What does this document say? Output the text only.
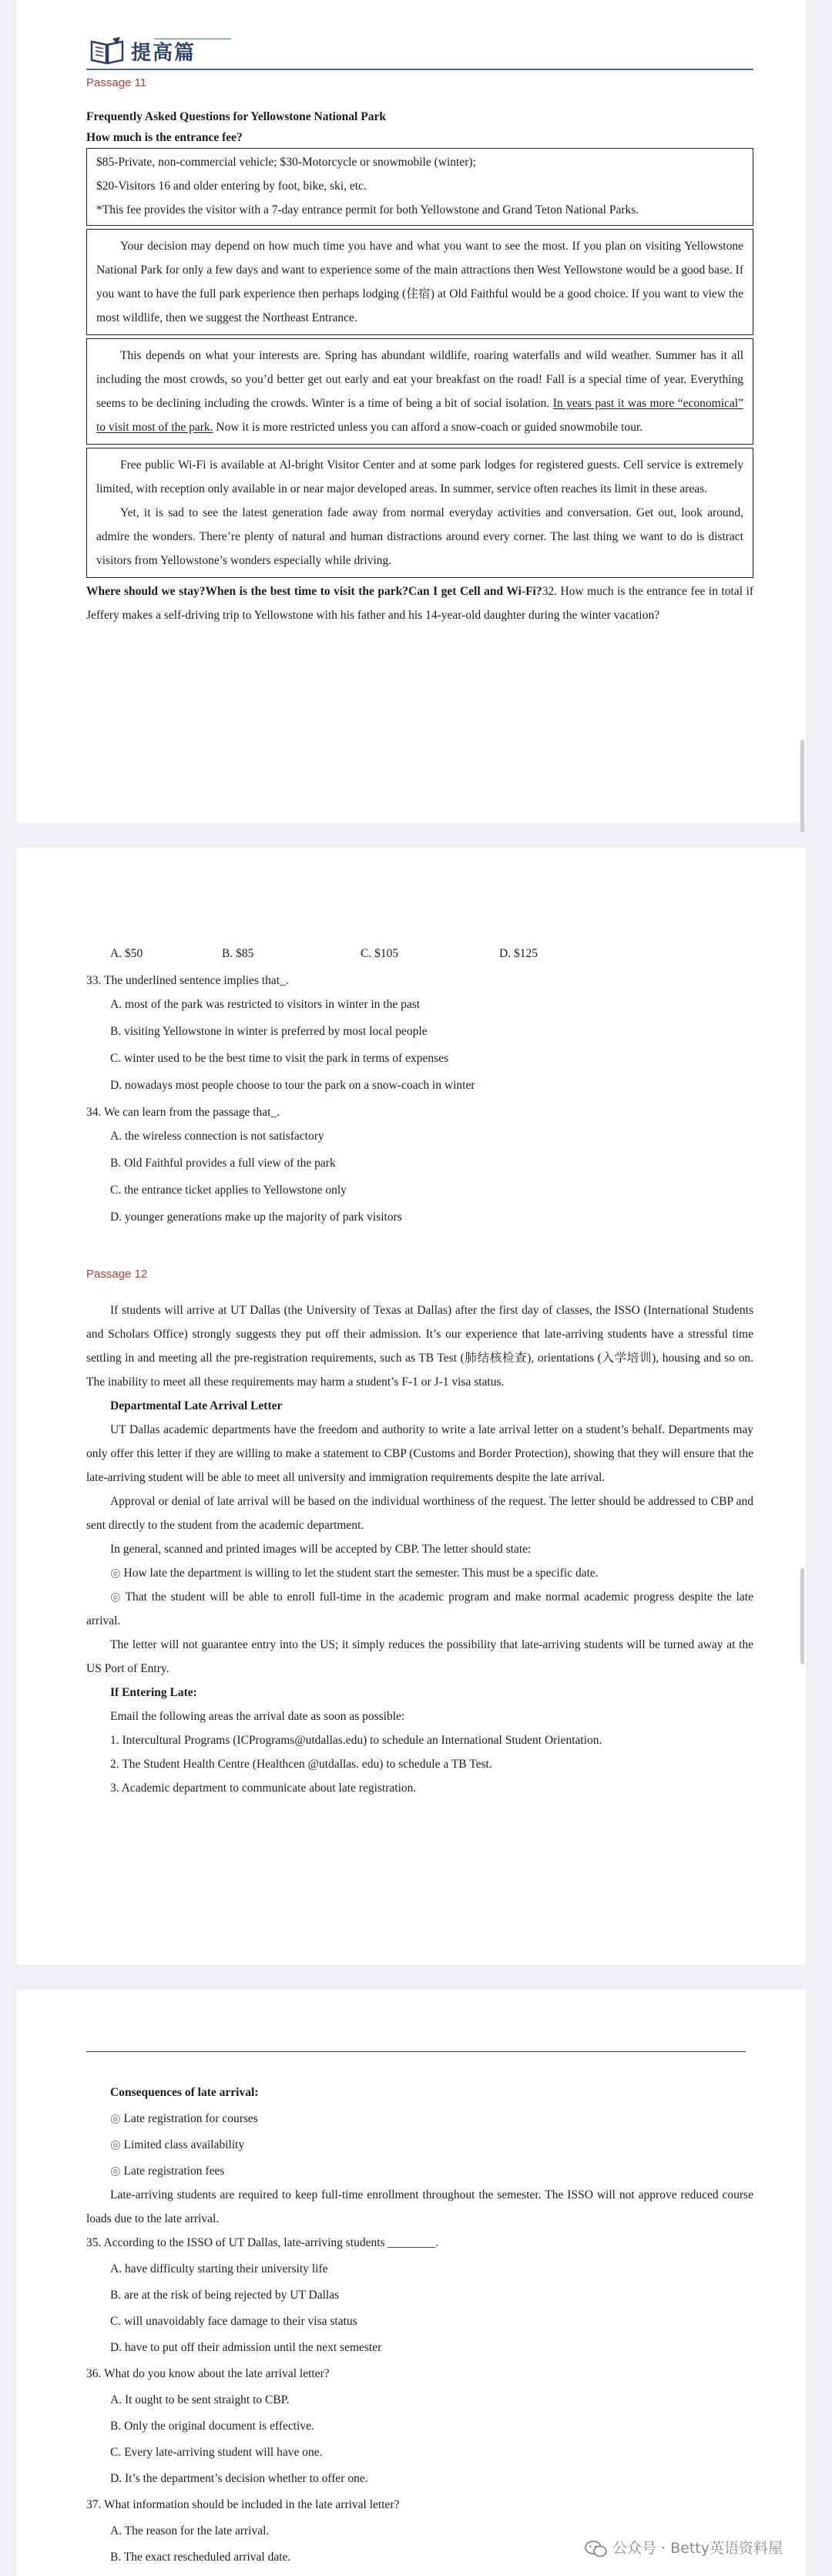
提高篇

Passage 11

Frequently Asked Questions for Yellowstone National Park

How much is the entrance fee?

$85-Private, non-commercial vehicle; $30-Motorcycle or snowmobile (winter);

$20-Visitors 16 and older entering by foot, bike, ski, etc.

*This fee provides the visitor with a 7-day entrance permit for both Yellowstone and Grand Teton National Parks.

Your decision may depend on how much time you have and what you want to see the most. If you plan on visiting Yellowstone National Park for only a few days and want to experience some of the main attractions then West Yellowstone would be a good base. If you want to have the full park experience then perhaps lodging (住宿) at Old Faithful would be a good choice. If you want to view the most wildlife, then we suggest the Northeast Entrance.

This depends on what your interests are. Spring has abundant wildlife, roaring waterfalls and wild weather. Summer has it all including the most crowds, so you’d better get out early and eat your breakfast on the road! Fall is a special time of year. Everything seems to be declining including the crowds. Winter is a time of being a bit of social isolation. In years past it was more “economical” to visit most of the park. Now it is more restricted unless you can afford a snow-coach or guided snowmobile tour.

Free public Wi-Fi is available at Al-bright Visitor Center and at some park lodges for registered guests. Cell service is extremely limited, with reception only available in or near major developed areas. In summer, service often reaches its limit in these areas.

Yet, it is sad to see the latest generation fade away from normal everyday activities and conversation. Get out, look around, admire the wonders. There’re plenty of natural and human distractions around every corner. The last thing we want to do is distract visitors from Yellowstone’s wonders especially while driving.

Where should we stay?When is the best time to visit the park?Can I get Cell and Wi-Fi?32. How much is the entrance fee in total if Jeffery makes a self-driving trip to Yellowstone with his father and his 14-year-old daughter during the winter vacation?

A. $50	B. $85	C. $105	D. $125

33. The underlined sentence implies that_.

A. most of the park was restricted to visitors in winter in the past

B. visiting Yellowstone in winter is preferred by most local people

C. winter used to be the best time to visit the park in terms of expenses

D. nowadays most people choose to tour the park on a snow-coach in winter

34. We can learn from the passage that_.

A. the wireless connection is not satisfactory

B. Old Faithful provides a full view of the park

C. the entrance ticket applies to Yellowstone only

D. younger generations make up the majority of park visitors

Passage 12

If students will arrive at UT Dallas (the University of Texas at Dallas) after the first day of classes, the ISSO (International Students and Scholars Office) strongly suggests they put off their admission. It’s our experience that late-arriving students have a stressful time settling in and meeting all the pre-registration requirements, such as TB Test (肺结核检查), orientations (入学培训), housing and so on. The inability to meet all these requirements may harm a student’s F-1 or J-1 visa status.

Departmental Late Arrival Letter

UT Dallas academic departments have the freedom and authority to write a late arrival letter on a student’s behalf. Departments may only offer this letter if they are willing to make a statement to CBP (Customs and Border Protection), showing that they will ensure that the late-arriving student will be able to meet all university and immigration requirements despite the late arrival.

Approval or denial of late arrival will be based on the individual worthiness of the request. The letter should be addressed to CBP and sent directly to the student from the academic department.

In general, scanned and printed images will be accepted by CBP. The letter should state:

◎ How late the department is willing to let the student start the semester. This must be a specific date.

◎ That the student will be able to enroll full-time in the academic program and make normal academic progress despite the late arrival.

The letter will not guarantee entry into the US; it simply reduces the possibility that late-arriving students will be turned away at the US Port of Entry.

If Entering Late:

Email the following areas the arrival date as soon as possible:

1. Intercultural Programs (ICPrograms@utdallas.edu) to schedule an International Student Orientation.

2. The Student Health Centre (Healthcen @utdallas. edu) to schedule a TB Test.

3. Academic department to communicate about late registration.

Consequences of late arrival:

◎ Late registration for courses

◎ Limited class availability

◎ Late registration fees

Late-arriving students are required to keep full-time enrollment throughout the semester. The ISSO will not approve reduced course loads due to the late arrival.

35. According to the ISSO of UT Dallas, late-arriving students ________.

A. have difficulty starting their university life

B. are at the risk of being rejected by UT Dallas

C. will unavoidably face damage to their visa status

D. have to put off their admission until the next semester

36. What do you know about the late arrival letter?

A. It ought to be sent straight to CBP.

B. Only the original document is effective.

C. Every late-arriving student will have one.

D. It’s the department’s decision whether to offer one.

37. What information should be included in the late arrival letter?

A. The reason for the late arrival.

B. The exact rescheduled arrival date.

公众号 · Betty英语资料屋
